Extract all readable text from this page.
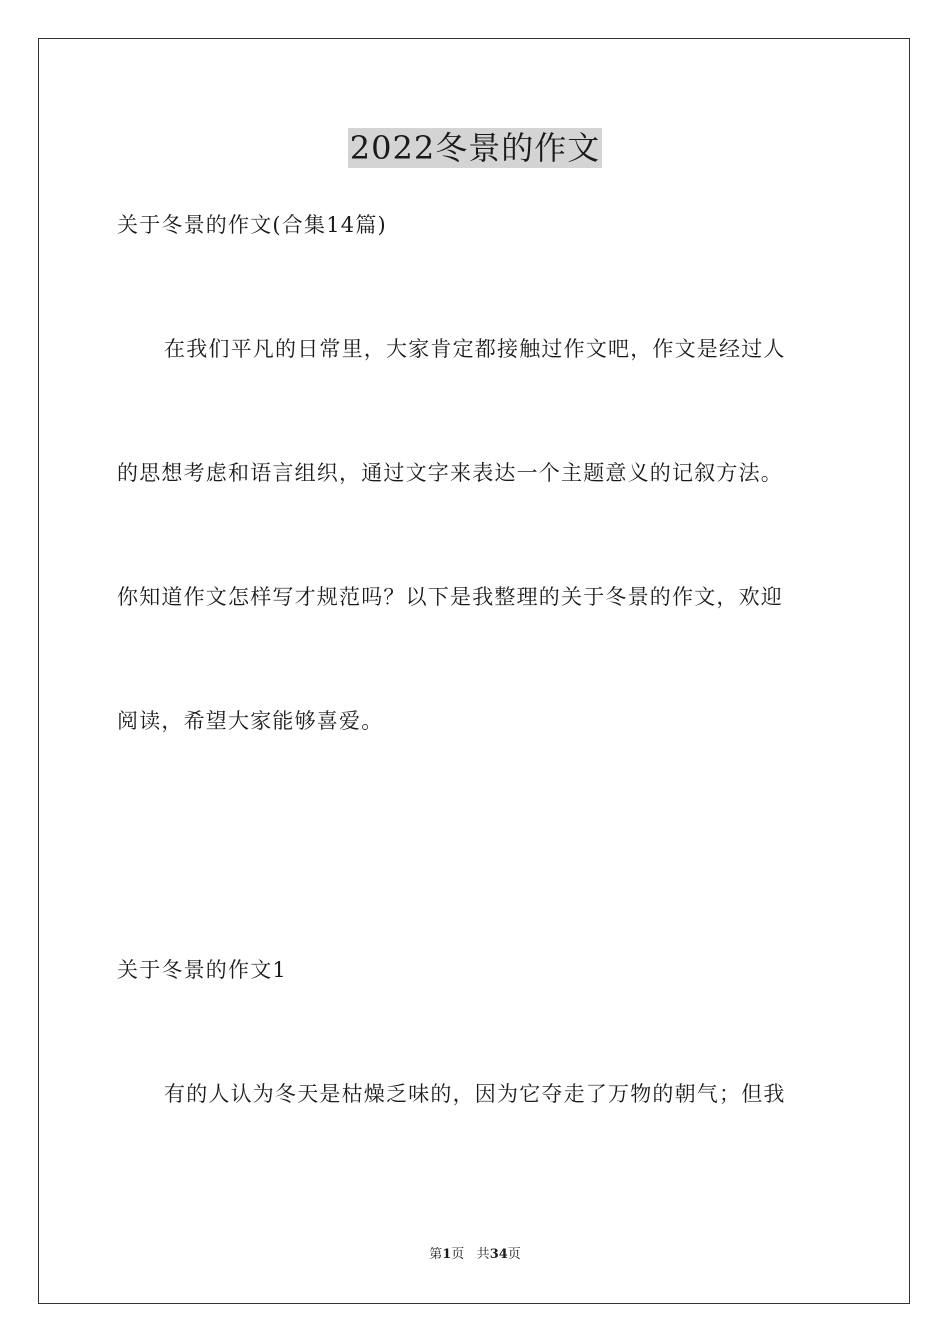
2022冬景的作文

关于冬景的作文(合集14篇)

在我们平凡的日常里，大家肯定都接触过作文吧，作文是经过人

的思想考虑和语言组织，通过文字来表达一个主题意义的记叙方法。

你知道作文怎样写才规范吗？以下是我整理的关于冬景的作文，欢迎

阅读，希望大家能够喜爱。

关于冬景的作文1

有的人认为冬天是枯燥乏味的，因为它夺走了万物的朝气；但我

第1页 共34页
